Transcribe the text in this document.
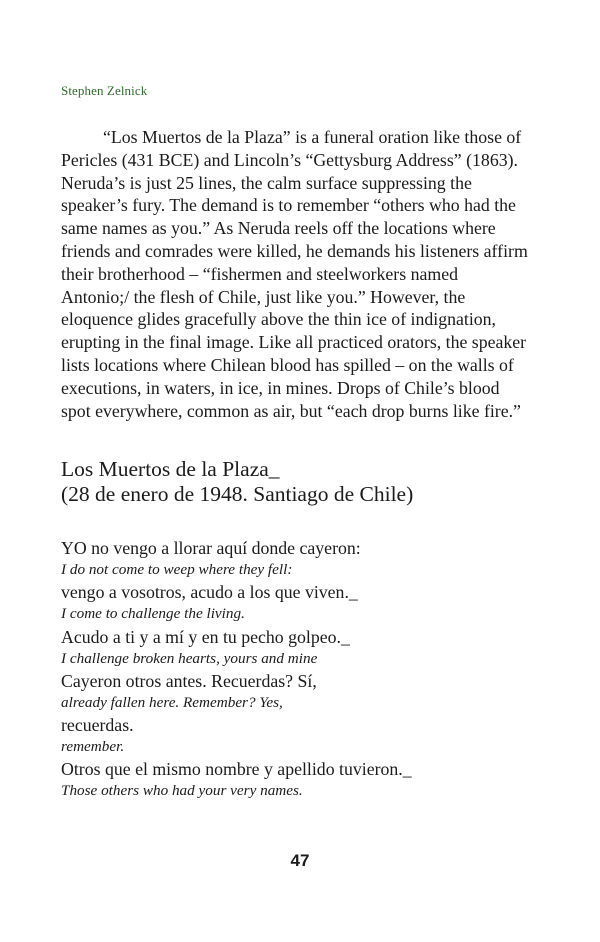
Stephen Zelnick
“Los Muertos de la Plaza” is a funeral oration like those of
Pericles (431 BCE) and Lincoln’s “Gettysburg Address” (1863).
Neruda’s is just 25 lines, the calm surface suppressing the
speaker’s fury. The demand is to remember “others who had the
same names as you.” As Neruda reels off the locations where
friends and comrades were killed, he demands his listeners affirm
their brotherhood – “fishermen and steelworkers named
Antonio;/ the flesh of Chile, just like you.” However, the
eloquence glides gracefully above the thin ice of indignation,
erupting in the final image. Like all practiced orators, the speaker
lists locations where Chilean blood has spilled – on the walls of
executions, in waters, in ice, in mines. Drops of Chile’s blood
spot everywhere, common as air, but “each drop burns like fire.”
Los Muertos de la Plaza_
(28 de enero de 1948. Santiago de Chile)
YO no vengo a llorar aquí donde cayeron:
I do not come to weep where they fell:
vengo a vosotros, acudo a los que viven._
I come to challenge the living.
Acudo a ti y a mí y en tu pecho golpeo._
I challenge broken hearts, yours and mine
Cayeron otros antes. Recuerdas? Sí,
already fallen here. Remember? Yes,
recuerdas.
remember.
Otros que el mismo nombre y apellido tuvieron._
Those others who had your very names.
47
